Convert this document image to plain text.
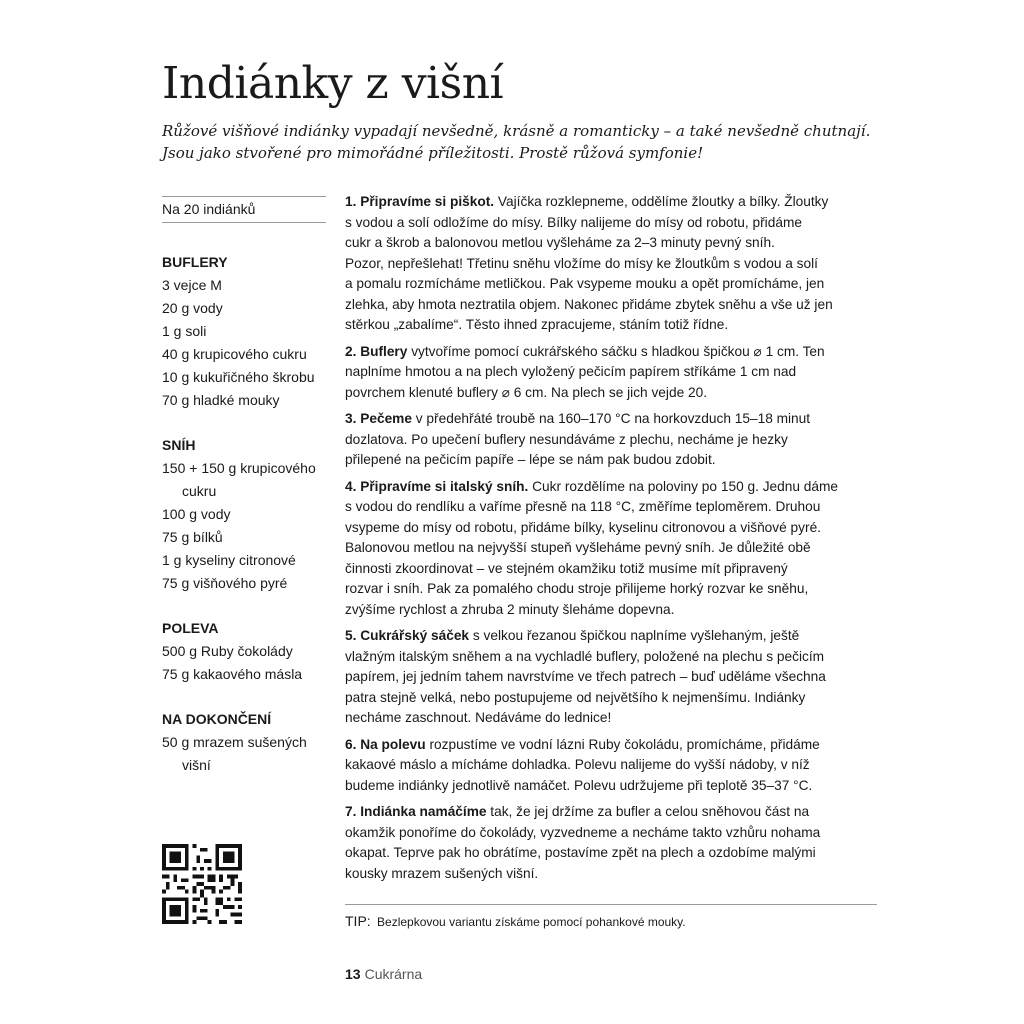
Indiánky z višní

Růžové višňové indiánky vypadají nevšedně, krásně a romanticky – a také nevšedně chutnají.
Jsou jako stvořené pro mimořádné příležitosti. Prostě růžová symfonie!

Na 20 indiánků
BUFLERY
3 vejce M
20 g vody
1 g soli
40 g krupicového cukru
10 g kukuřičného škrobu
70 g hladké mouky
SNÍH
150 + 150 g krupicového
cukru
100 g vody
75 g bílků
1 g kyseliny citronové
75 g višňového pyré
POLEVA
500 g Ruby čokolády
75 g kakaového másla
NA DOKONČENÍ
50 g mrazem sušených
višní

1. Připravíme si piškot. Vajíčka rozklepneme, oddělíme žloutky a bílky. Žloutky
s vodou a solí odložíme do mísy. Bílky nalijeme do mísy od robotu, přidáme
cukr a škrob a balonovou metlou vyšleháme za 2–3 minuty pevný sníh.
Pozor, nepřešlehat! Třetinu sněhu vložíme do mísy ke žloutkům s vodou a solí
a pomalu rozmícháme metličkou. Pak vsypeme mouku a opět promícháme, jen
zlehka, aby hmota neztratila objem. Nakonec přidáme zbytek sněhu a vše už jen
stěrkou „zabalíme“. Těsto ihned zpracujeme, stáním totiž řídne.

2. Buflery vytvoříme pomocí cukrářského sáčku s hladkou špičkou ⌀ 1 cm. Ten
naplníme hmotou a na plech vyložený pečicím papírem stříkáme 1 cm nad
povrchem klenuté buflery ⌀ 6 cm. Na plech se jich vejde 20.

3. Pečeme v předehřáté troubě na 160–170 °C na horkovzduch 15–18 minut
dozlatova. Po upečení buflery nesundáváme z plechu, necháme je hezky
přilepené na pečicím papíře – lépe se nám pak budou zdobit.

4. Připravíme si italský sníh. Cukr rozdělíme na poloviny po 150 g. Jednu dáme
s vodou do rendlíku a vaříme přesně na 118 °C, změříme teploměrem. Druhou
vsypeme do mísy od robotu, přidáme bílky, kyselinu citronovou a višňové pyré.
Balonovou metlou na nejvyšší stupeň vyšleháme pevný sníh. Je důležité obě
činnosti zkoordinovat – ve stejném okamžiku totiž musíme mít připravený
rozvar i sníh. Pak za pomalého chodu stroje přilijeme horký rozvar ke sněhu,
zvýšíme rychlost a zhruba 2 minuty šleháme dopevna.

5. Cukrářský sáček s velkou řezanou špičkou naplníme vyšlehaným, ještě
vlažným italským sněhem a na vychladlé buflery, položené na plechu s pečicím
papírem, jej jedním tahem navrstvíme ve třech patrech – buď uděláme všechna
patra stejně velká, nebo postupujeme od největšího k nejmenšímu. Indiánky
necháme zaschnout. Nedáváme do lednice!

6. Na polevu rozpustíme ve vodní lázni Ruby čokoládu, promícháme, přidáme
kakaové máslo a mícháme dohladka. Polevu nalijeme do vyšší nádoby, v níž
budeme indiánky jednotlivě namáčet. Polevu udržujeme při teplotě 35–37 °C.

7. Indiánka namáčíme tak, že jej držíme za bufler a celou sněhovou část na
okamžik ponoříme do čokolády, vyzvedneme a necháme takto vzhůru nohama
okapat. Teprve pak ho obrátíme, postavíme zpět na plech a ozdobíme malými
kousky mrazem sušených višní.

TIP: Bezlepkovou variantu získáme pomocí pohankové mouky.
13 Cukrárna
